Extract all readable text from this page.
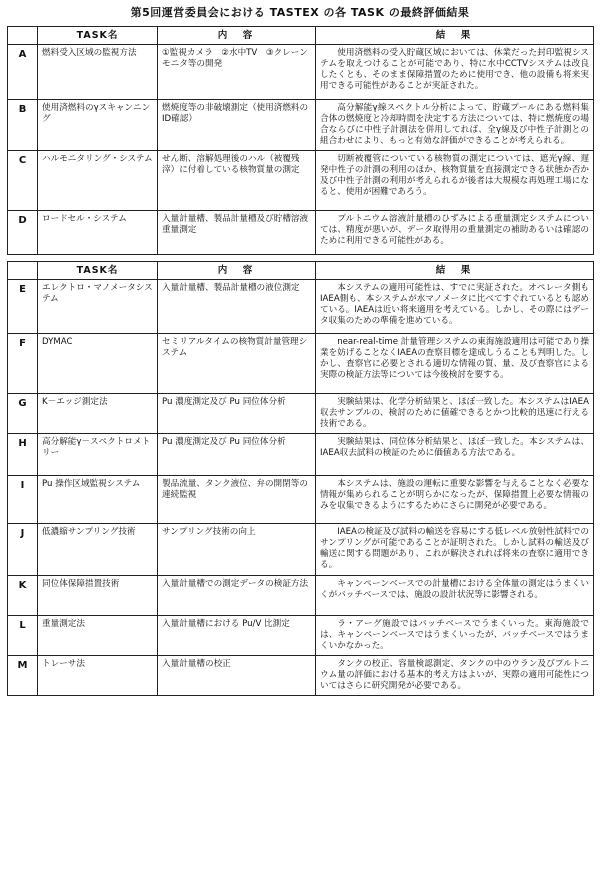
第5回運営委員会における TASTEX の各 TASK の最終評価結果
	TASK名	内　容	結　果
A	燃料受入区域の監視方法	①監視カメラ　②水中TV　③クレーンモニタ等の開発	使用済燃料の受入貯蔵区域においては、休業だった封印監視システムを取えつけることが可能であり、特に水中CCTVシステムは改良したくとも、そのまま保障措置のために使用でき、他の設備も将来実用できる可能性があることが実証された。
B	使用済燃料のγスキャンニング	燃焼度等の非破壊測定（使用済燃料のID確認）	高分解能γ線スペクトル分析によって、貯蔵プールにある燃料集合体の燃焼度と冷却時間を決定する方法については、特に燃焼度の場合ならびに中性子計測法を併用してれば、全γ線及び中性子計測との組合わせにより、もっと有効な評価ができることが考えられる。
C	ハルモニタリング・システム	せん断、溶解処理後のハル（被覆残滓）に付着している核物質量の測定	切断被覆管についている核物質の測定については、遮光γ線、遅発中性子の計測の利用のほか、核物質量を直接測定できる状態か否か及び中性子計測の利用が考えられるが後者は大規模な再処理工場になると、使用が困難であろう。
D	ロードセル・システム	入量計量槽、製品計量槽及び貯槽溶液重量測定	プルトニウム溶液計量槽のひずみによる重量測定システムについては、精度が悪いが、データ取得用の重量測定の補助あるいは確認のために利用できる可能性がある。

	TASK名	内　容	結　果
E	エレクトロ・マノメータシステム	入量計量槽、製品計量槽の液位測定	本システムの適用可能性は、すでに実証された。オペレータ側もIAEA側も、本システムが水マノメータに比べてすぐれているとも認めている。IAEAは近い将来適用を考えている。しかし、その際にはデータ収集のための準備を進めている。
F	DYMAC	セミリアルタイムの核物質計量管理システム	near-real-time 計量管理システムの東海施設適用は可能であり操業を妨げることなくIAEAの査察目標を達成しうることも判明した。しかし、査察官に必要とされる適切な情報の質、量、及び査察官による実際の検証方法等については今後検討を要する。
G	K－エッジ測定法	Pu 濃度測定及び Pu 同位体分析	実験結果は、化学分析結果と、ほぼ一致した。本システムはIAEA収去サンプルの、検討のために値確できるとかつ比較的迅速に行える技術である。
H	高分解能γ－スペクトロメトリー	Pu 濃度測定及び Pu 同位体分析	実験結果は、同位体分析結果と、ほぼ一致した。本システムは、IAEA収去試料の検証のために価値ある方法である。
I	Pu 操作区域監視システム	製品流量、タンク液位、弁の開閉等の連続監視	本システムは、施設の運転に重要な影響を与えることなく必要な情報が集められることが明らかになったが、保障措置上必要な情報のみを収集できるようにするためにさらに開発が必要である。
J	低濃縮サンプリング技術	サンプリング技術の向上	IAEAの検証及び試料の輸送を容易にする低レベル放射性試料でのサンプリングが可能であることが証明された。しかし試料の輸送及び輸送に関する問題があり、これが解決されれば将来の査察に適用できる。
K	同位体保障措置技術	入量計量槽での測定データの検証方法	キャンペーンベースでの計量槽における全体量の測定はうまくいくがバッチベースでは、施設の設計状況等に影響される。
L	重量測定法	入量計量槽における Pu/V 比測定	ラ・アーグ施設ではバッチベースでうまくいった。東海施設では、キャンペーンベースではうまくいったが、バッチベースではうまくいかなかった。
M	トレーサ法	入量計量槽の校正	タンクの校正、容量検認測定、タンクの中のウラン及びプルトニウム量の評価における基本的考え方はよいが、実際の適用可能性についてはさらに研究開発が必要である。
